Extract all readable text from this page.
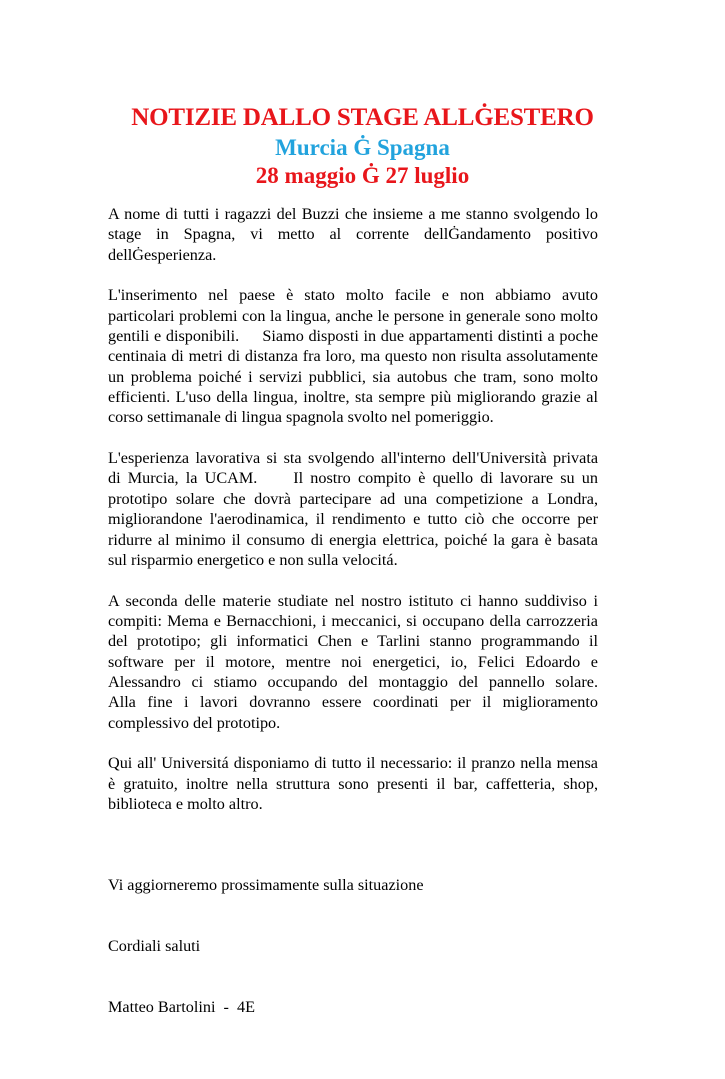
NOTIZIE DALLO STAGE ALLĠESTERO
Murcia Ġ Spagna
28 maggio Ġ 27 luglio

A nome di tutti i ragazzi del Buzzi che insieme a me stanno svolgendo lo stage in Spagna, vi metto al corrente dellĠandamento positivo dellĠesperienza.

L'inserimento nel paese è stato molto facile e non abbiamo avuto particolari problemi con la lingua, anche le persone in generale sono molto gentili e disponibili.     Siamo disposti in due appartamenti distinti a poche centinaia di metri di distanza fra loro, ma questo non risulta assolutamente un problema poiché i servizi pubblici, sia autobus che tram, sono molto efficienti. L'uso della lingua, inoltre, sta sempre più migliorando grazie al corso settimanale di lingua spagnola svolto nel pomeriggio.

L'esperienza lavorativa si sta svolgendo all'interno dell'Università privata di Murcia, la UCAM.     Il nostro compito è quello di lavorare su un prototipo solare che dovrà partecipare ad una competizione a Londra, migliorandone l'aerodinamica, il rendimento e tutto ciò che occorre per ridurre al minimo il consumo di energia elettrica, poiché la gara è basata sul risparmio energetico e non sulla velocitá.

A seconda delle materie studiate nel nostro istituto ci hanno suddiviso i compiti: Mema e Bernacchioni, i meccanici, si occupano della carrozzeria del prototipo; gli informatici Chen e Tarlini stanno programmando il software per il motore, mentre noi energetici, io, Felici Edoardo e Alessandro ci stiamo occupando del montaggio del pannello solare.        Alla fine i lavori dovranno essere coordinati per il miglioramento complessivo del prototipo.

Qui all' Universitá disponiamo di tutto il necessario: il pranzo nella mensa è gratuito, inoltre nella struttura sono presenti il bar, caffetteria, shop, biblioteca e molto altro.

Vi aggiorneremo prossimamente sulla situazione

Cordiali saluti

Matteo Bartolini  -  4E
